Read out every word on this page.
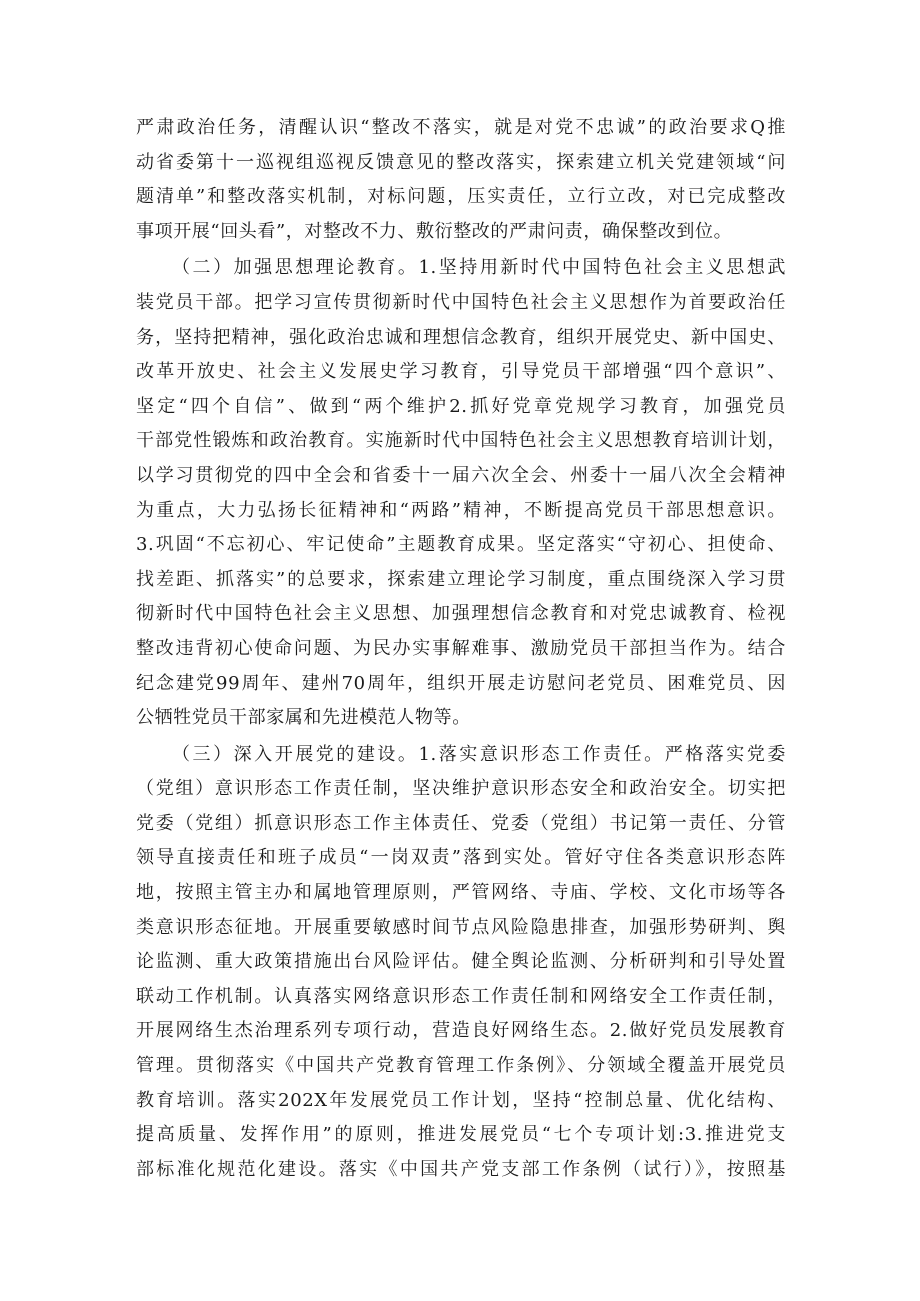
严肃政治任务，清醒认识“整改不落实，就是对党不忠诚”的政治要求Q推
动省委第十一巡视组巡视反馈意见的整改落实，探索建立机关党建领域“问
题清单”和整改落实机制，对标问题，压实责任，立行立改，对已完成整改
事项开展“回头看”，对整改不力、敷衍整改的严肃问责，确保整改到位。
（二）加强思想理论教育。1.坚持用新时代中国特色社会主义思想武
装党员干部。把学习宣传贯彻新时代中国特色社会主义思想作为首要政治任
务，坚持把精神，强化政治忠诚和理想信念教育，组织开展党史、新中国史、
改革开放史、社会主义发展史学习教育，引导党员干部增强“四个意识”、
坚定“四个自信”、做到“两个维护2.抓好党章党规学习教育，加强党员
干部党性锻炼和政治教育。实施新时代中国特色社会主义思想教育培训计划，
以学习贯彻党的四中全会和省委十一届六次全会、州委十一届八次全会精神
为重点，大力弘扬长征精神和“两路”精神，不断提高党员干部思想意识。
3.巩固“不忘初心、牢记使命”主题教育成果。坚定落实“守初心、担使命、
找差距、抓落实”的总要求，探索建立理论学习制度，重点围绕深入学习贯
彻新时代中国特色社会主义思想、加强理想信念教育和对党忠诚教育、检视
整改违背初心使命问题、为民办实事解难事、激励党员干部担当作为。结合
纪念建党99周年、建州70周年，组织开展走访慰问老党员、困难党员、因
公牺牲党员干部家属和先进模范人物等。
（三）深入开展党的建设。1.落实意识形态工作责任。严格落实党委
（党组）意识形态工作责任制，坚决维护意识形态安全和政治安全。切实把
党委（党组）抓意识形态工作主体责任、党委（党组）书记第一责任、分管
领导直接责任和班子成员“一岗双责”落到实处。管好守住各类意识形态阵
地，按照主管主办和属地管理原则，严管网络、寺庙、学校、文化市场等各
类意识形态征地。开展重要敏感时间节点风险隐患排查，加强形势研判、舆
论监测、重大政策措施出台风险评估。健全舆论监测、分析研判和引导处置
联动工作机制。认真落实网络意识形态工作责任制和网络安全工作责任制，
开展网络生杰治理系列专项行动，营造良好网络生态。2.做好党员发展教育
管理。贯彻落实《中国共产党教育管理工作条例》、分领域全覆盖开展党员
教育培训。落实202X年发展党员工作计划，坚持“控制总量、优化结构、
提高质量、发挥作用”的原则，推进发展党员“七个专项计划:3.推进党支
部标准化规范化建设。落实《中国共产党支部工作条例（试行）》，按照基
